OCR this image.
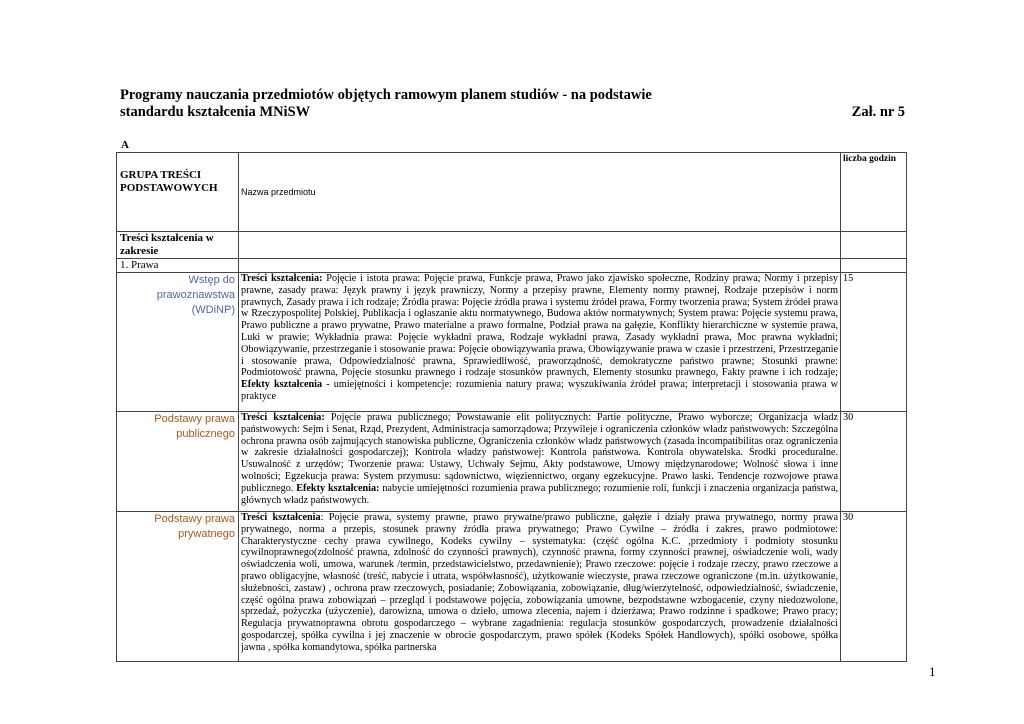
Programy nauczania przedmiotów objętych ramowym planem studiów - na podstawie
standardu kształcenia MNiSW	Zał. nr 5
A
GRUPA TREŚCI PODSTAWOWYCH	Nazwa przedmiotu	liczba godzin
Treści kształcenia w zakresie		
1. Prawa		
Wstęp do prawoznawstwa (WDiNP)	Treści kształcenia: Pojęcie i istota prawa: Pojęcie prawa, Funkcje prawa, Prawo jako zjawisko społeczne, Rodziny prawa; Normy i przepisy prawne, zasady prawa: Język prawny i język prawniczy, Normy a przepisy prawne, Elementy normy prawnej, Rodzaje przepisów i norm prawnych, Zasady prawa i ich rodzaje; Źródła prawa: Pojęcie źródła prawa i systemu źródeł prawa, Formy tworzenia prawa; System źródeł prawa w Rzeczypospolitej Polskiej, Publikacja i ogłaszanie aktu normatywnego, Budowa aktów normatywnych; System prawa: Pojęcie systemu prawa, Prawo publiczne a prawo prywatne, Prawo materialne a prawo formalne, Podział prawa na gałęzie, Konflikty hierarchiczne w systemie prawa, Luki w prawie; Wykładnia prawa: Pojęcie wykładni prawa, Rodzaje wykładni prawa, Zasady wykładni prawa, Moc prawna wykładni; Obowiązywanie, przestrzeganie i stosowanie prawa: Pojęcie obowiązywania prawa, Obowiązywanie prawa w czasie i przestrzeni, Przestrzeganie i stosowanie prawa, Odpowiedzialność prawna, Sprawiedliwość, praworządność, demokratyczne państwo prawne; Stosunki prawne: Podmiotowość prawna, Pojęcie stosunku prawnego i rodzaje stosunków prawnych, Elementy stosunku prawnego, Fakty prawne i ich rodzaje; Efekty kształcenia - umiejętności i kompetencje: rozumienia natury prawa; wyszukiwania źródeł prawa; interpretacji i stosowania prawa w praktyce	15
Podstawy prawa publicznego	Treści kształcenia: Pojęcie prawa publicznego; Powstawanie elit politycznych: Partie polityczne, Prawo wyborcze; Organizacja władz państwowych: Sejm i Senat, Rząd, Prezydent, Administracja samorządowa; Przywileje i ograniczenia członków władz państwowych: Szczególna ochrona prawna osób zajmujących stanowiska publiczne, Ograniczenia członków władz państwowych (zasada incompatibilitas oraz ograniczenia w zakresie działalności gospodarczej); Kontrola władzy państwowej: Kontrola państwowa. Kontrola obywatelska. Środki proceduralne. Usuwalność z urzędów; Tworzenie prawa: Ustawy, Uchwały Sejmu, Akty podstawowe, Umowy międzynarodowe; Wolność słowa i inne wolności; Egzekucja prawa: System przymusu: sądownictwo, więziennictwo, organy egzekucyjne. Prawo łaski. Tendencje rozwojowe prawa publicznego. Efekty kształcenia: nabycie umiejętności rozumienia prawa publicznego; rozumienie roli, funkcji i znaczenia organizacja państwa, głównych władz państwowych.	30
Podstawy prawa prywatnego	Treści kształcenia: Pojęcie prawa, systemy prawne, prawo prywatne/prawo publiczne, gałęzie i działy prawa prywatnego, normy prawa prywatnego, norma a przepis, stosunek prawny źródła prawa prywatnego; Prawo Cywilne – źródła i zakres, prawo podmiotowe: Charakterystyczne cechy prawa cywilnego, Kodeks cywilny – systematyka: (część ogólna K.C. ,przedmioty i podmioty stosunku cywilnoprawnego(zdolność prawna, zdolność do czynności prawnych), czynność prawna, formy czynności prawnej, oświadczenie woli, wady oświadczenia woli, umowa, warunek /termin, przedstawicielstwo, przedawnienie); Prawo rzeczowe: pojęcie i rodzaje rzeczy, prawo rzeczowe a prawo obligacyjne, własność (treść, nabycie i utrata, współwłasność), użytkowanie wieczyste, prawa rzeczowe ograniczone (m.in. użytkowanie, służebności, zastaw) , ochrona praw rzeczowych, posiadanie; Zobowiązania, zobowiązanie, dług/wierzytelność, odpowiedzialność, świadczenie, część ogólna prawa zobowiązań – przegląd i podstawowe pojęcia, zobowiązania umowne, bezpodstawne wzbogacenie, czyny niedozwolone, sprzedaż, pożyczka (użyczenie), darowizna, umowa o dzieło, umowa zlecenia, najem i dzierżawa; Prawo rodzinne i spadkowe; Prawo pracy; Regulacja prywatnoprawna obrotu gospodarczego – wybrane zagadnienia: regulacja stosunków gospodarczych, prowadzenie działalności gospodarczej, spółka cywilna i jej znaczenie w obrocie gospodarczym, prawo spółek (Kodeks Spółek Handlowych), spółki osobowe, spółka jawna , spółka komandytowa, spółka partnerska	30
1
